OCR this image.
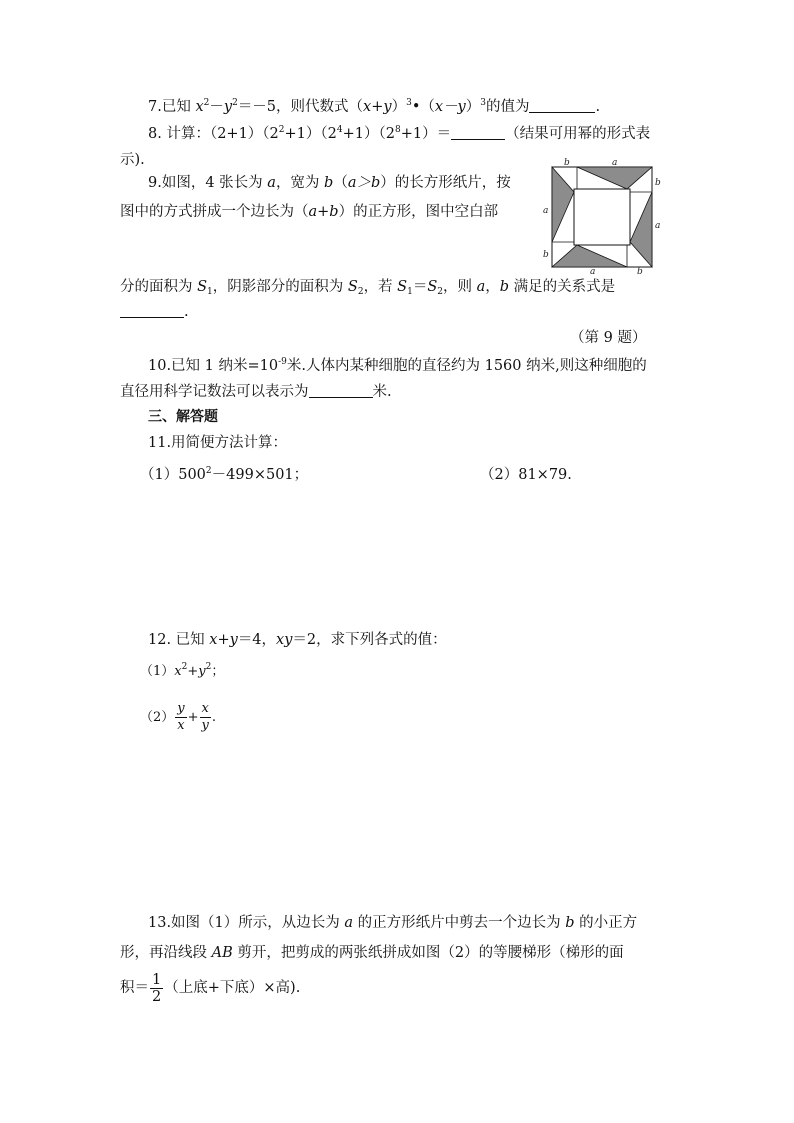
7.已知 $x^2-y^2=-5$，则代数式$(x+y)^3•(x-y)^3$的值为	.
8. 计算：$(2+1)(2^2+1)(2^4+1)(2^8+1)=$	（结果可用幂的形式表
示).
9.如图，4 张长为 a，宽为 b（a＞b）的长方形纸片，按
图中的方式拼成一个边长为（a+b）的正方形，图中空白部
b	a
b
a
a
b
a	b
分的面积为 $S_1$，阴影部分的面积为 $S_2$，若 $S_1=S_2$，则 a，b 满足的关系式是
.
（第 9 题）
10.已知 1 纳米$=10^{-9}$米.人体内某种细胞的直径约为 1560 纳米,则这种细胞的
直径用科学记数法可以表示为	米.
三、解答题
11.用简便方法计算：
$(1)500^2-499\times 501$；	（2）81×79.
12. 已知 x+y＝4，xy＝2，求下列各式的值：
$(1)x^2+y^2$；
$(2) \frac{y}{x} + \frac{x}{y}$ .
13.如图（1）所示，从边长为 a 的正方形纸片中剪去一个边长为 b 的小正方
形，再沿线段 AB 剪开，把剪成的两张纸拼成如图（2）的等腰梯形（梯形的面
积＝ $\frac{1}{2}$ （上底+下底）×高).
